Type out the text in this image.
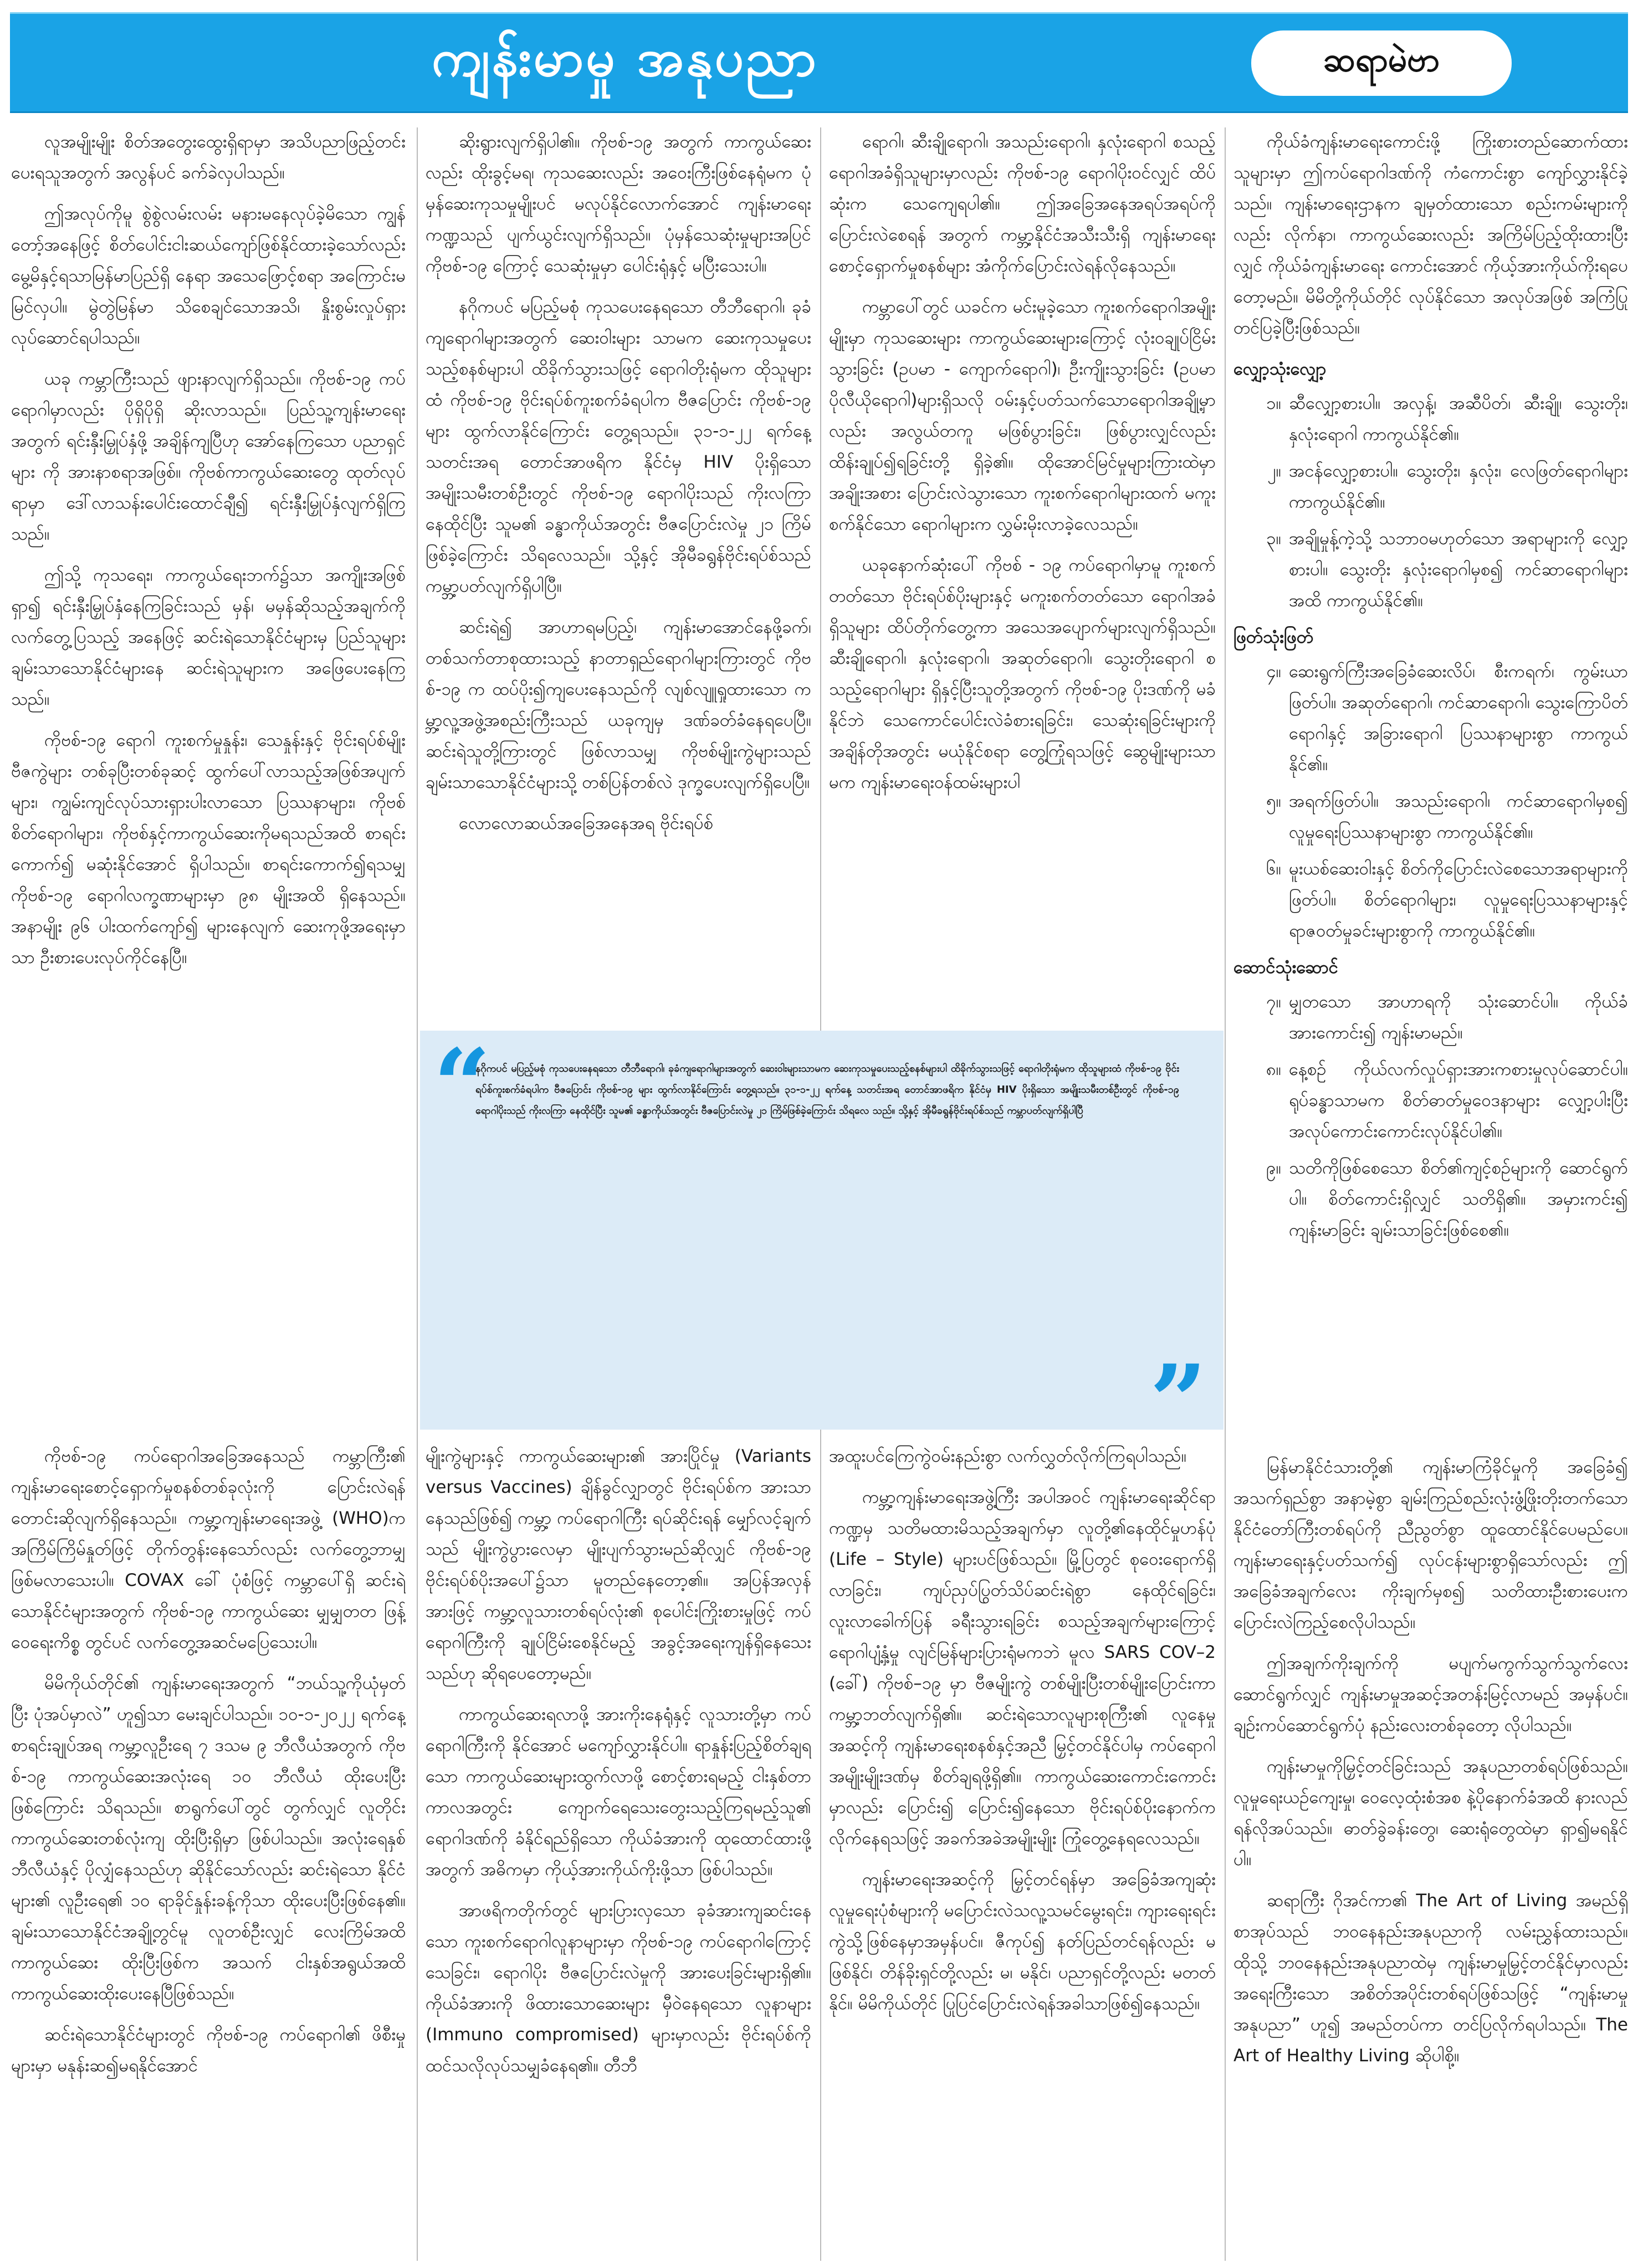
ကျန်းမာမှု အနုပညာ	ဆရာမဲဗာ

လူအမျိုးမျိုး စိတ်အတွေးထွေးရှိရာမှာ အသိပညာဖြည့်တင်းပေးရသူအတွက် အလွန်ပင် ခက်ခဲလှပါသည်။

ဤအလုပ်ကိုမူ စွဲစွဲလမ်းလမ်း မနားမနေလုပ်ခဲ့မိသော ကျွန်တော့်အနေဖြင့် စိတ်ပေါင်းငါးဆယ်ကျော်ဖြစ်နိုင်ထားခဲ့သော်လည်း မွေ့မိနှင့်ရသာမြန်မာပြည်ရှိ နေရာ အသေဖြောင့်စရာ အကြောင်းမမြင်လှပါ။ မွဲတွဲမြန်မာ သိစေချင်သောအသိ၊ နှိုးစွမ်းလှုပ်ရှားလုပ်ဆောင်ရပါသည်။

ယခု ကမ္ဘာကြီးသည် ဖျားနာလျက်ရှိသည်။ ကိုဗစ်-၁၉ ကပ်ရောဂါမှာလည်း ပိုရှိပိုရှိ ဆိုးလာသည်။ ပြည်သူ့ကျန်းမာရေးအတွက် ရင်းနှီးမြှုပ်နှံဖို့ အချိန်ကျပြီဟု အော်နေကြသော ပညာရှင်များ ကို အားနာစရာအဖြစ်။ ကိုဗစ်ကာကွယ်ဆေးတွေ ထုတ်လုပ်ရာမှာ ဒေါ်လာသန်းပေါင်းထောင်ချီ၍ ရင်းနှီးမြှုပ်နှံလျက်ရှိကြသည်။

ဤသို့ ကုသရေး၊ ကာကွယ်ရေးဘက်၌သာ အကျိုးအဖြစ်ရှာ၍ ရင်းနှီးမြှုပ်နှံနေကြခြင်းသည် မှန်၊ မမှန်ဆိုသည့်အချက်ကို လက်တွေ့ပြသည့် အနေဖြင့် ဆင်းရဲသောနိုင်ငံများမှ ပြည်သူများ ချမ်းသာသောနိုင်ငံများနေ ဆင်းရဲသူများက အဖြေပေးနေကြသည်။

ကိုဗစ်-၁၉ ရောဂါ ကူးစက်မှုနှုန်း၊ သေနှုန်းနှင့် ဗိုင်းရပ်စ်မျိုးဗီဇကွဲများ တစ်ခုပြီးတစ်ခုဆင့် ထွက်ပေါ်လာသည့်အဖြစ်အပျက်များ၊ ကျွမ်းကျင်လုပ်သားရှားပါးလာသော ပြဿနာများ၊ ကိုဗစ် စိတ်ရောဂါများ၊ ကိုဗစ်နှင့်ကာကွယ်ဆေးကိုမရသည်အထိ စာရင်းကောက်၍ မဆုံးနိုင်အောင် ရှိပါသည်။ စာရင်းကောက်၍ရသမျှ ကိုဗစ်-၁၉ ရောဂါလက္ခဏာများမှာ ၉၈ မျိုးအထိ ရှိနေသည်။ အနာမျိုး ၉၆ ပါးထက်ကျော်၍ များနေလျက် ဆေးကုဖို့အရေးမှာသာ ဦးစားပေးလုပ်ကိုင်နေပြီ။

ဆိုးရွားလျက်ရှိပါ၏။ ကိုဗစ်-၁၉ အတွက် ကာကွယ်ဆေးလည်း ထိုးခွင့်မရ၊ ကုသဆေးလည်း အဝေးကြီးဖြစ်နေရုံမက ပုံမှန်ဆေးကုသမှုမျိုးပင် မလုပ်နိုင်လောက်အောင် ကျန်းမာရေးကဏ္ဍသည် ပျက်ယွင်းလျက်ရှိသည်။ ပုံမှန်သေဆုံးမှုများအပြင် ကိုဗစ်-၁၉ ကြောင့် သေဆုံးမှုမှာ ပေါင်းရုံနှင့် မပြီးသေးပါ။

နဂိုကပင် မပြည့်မစုံ ကုသပေးနေရသော တီဘီရောဂါ၊ ခုခံကျရောဂါများအတွက် ဆေးဝါးများ သာမက ဆေးကုသမှုပေးသည့်စနစ်များပါ ထိခိုက်သွားသဖြင့် ရောဂါတိုးရုံမက ထိုသူများထံ ကိုဗစ်-၁၉ ဗိုင်းရပ်စ်ကူးစက်ခံရပါက ဗီဇပြောင်း ကိုဗစ်-၁၉ များ ထွက်လာနိုင်ကြောင်း တွေ့ရသည်။ ၃၁-၁-၂၂ ရက်နေ့ သတင်းအရ တောင်အာဖရိက နိုင်ငံမှ HIV ပိုးရှိသော အမျိုးသမီးတစ်ဦးတွင် ကိုဗစ်-၁၉ ရောဂါပိုးသည် ကိုးလကြာနေထိုင်ပြီး သူမ၏ ခန္ဓာကိုယ်အတွင်း ဗီဇပြောင်းလဲမှု ၂၁ ကြိမ်ဖြစ်ခဲ့ကြောင်း သိရလေသည်။ သို့နှင့် အိုမီခရွန်ဗိုင်းရပ်စ်သည် ကမ္ဘာ့ပတ်လျက်ရှိပါပြီ။

ဆင်းရဲ၍ အာဟာရမပြည့်၊ ကျန်းမာအောင်နေဖို့ခက်၊ တစ်သက်တာစုထားသည့် နာတာရှည်ရောဂါများကြားတွင် ကိုဗစ်-၁၉ က ထပ်ပိုး၍ကျပေးနေသည်ကို လျစ်လျူရှုထားသော ကမ္ဘာ့လူ့အဖွဲ့အစည်းကြီးသည် ယခုကျမှ ဒဏ်ခတ်ခံနေရပေပြီ။ ဆင်းရဲသူတို့ကြားတွင် ဖြစ်လာသမျှ ကိုဗစ်မျိုးကွဲများသည် ချမ်းသာသောနိုင်ငံများသို့ တစ်ပြန်တစ်လဲ ဒုက္ခပေးလျက်ရှိပေပြီ။

လောလောဆယ်အခြေအနေအရ ဗိုင်းရပ်စ်

ရောဂါ၊ ဆီးချိုရောဂါ၊ အသည်းရောဂါ၊ နှလုံးရောဂါ စသည့် ရောဂါအခံရှိသူများမှာလည်း ကိုဗစ်-၁၉ ရောဂါပိုးဝင်လျှင် ထိပ်ဆုံးက သေကျေရပါ၏။ ဤအခြေအနေအရပ်အရပ်ကို ပြောင်းလဲစေရန် အတွက် ကမ္ဘာ့နိုင်ငံအသီးသီးရှိ ကျန်းမာရေးစောင့်ရှောက်မှုစနစ်များ အံကိုက်ပြောင်းလဲရန်လိုနေသည်။

ကမ္ဘာပေါ်တွင် ယခင်က မင်းမူခဲ့သော ကူးစက်ရောဂါအမျိုးမျိုးမှာ ကုသဆေးများ ကာကွယ်ဆေးများကြောင့် လုံးဝချုပ်ငြိမ်းသွားခြင်း (ဥပမာ - ကျောက်ရောဂါ)၊ ဦးကျိုးသွားခြင်း (ဥပမာ ပိုလီယိုရောဂါ)များရှိသလို ဝမ်းနှင့်ပတ်သက်သောရောဂါအချို့မှာလည်း အလွယ်တကူ မဖြစ်ပွားခြင်း၊ ဖြစ်ပွားလျှင်လည်း ထိန်းချုပ်၍ရခြင်းတို့ ရှိခဲ့၏။ ထိုအောင်မြင်မှုများကြားထဲမှာ အချိုးအစား ပြောင်းလဲသွားသော ကူးစက်ရောဂါများထက် မကူးစက်နိုင်သော ရောဂါများက လွှမ်းမိုးလာခဲ့လေသည်။

ယခုနောက်ဆုံးပေါ် ကိုဗစ် - ၁၉ ကပ်ရောဂါမှာမူ ကူးစက်တတ်သော ဗိုင်းရပ်စ်ပိုးများနှင့် မကူးစက်တတ်သော ရောဂါအခံရှိသူများ ထိပ်တိုက်တွေ့ကာ အသေအပျောက်များလျက်ရှိသည်။ ဆီးချိုရောဂါ၊ နှလုံးရောဂါ၊ အဆုတ်ရောဂါ၊ သွေးတိုးရောဂါ စသည့်ရောဂါများ ရှိနှင့်ပြီးသူတို့အတွက် ကိုဗစ်-၁၉ ပိုးဒဏ်ကို မခံနိုင်ဘဲ သေကောင်ပေါင်းလဲခံစားရခြင်း၊ သေဆုံးရခြင်းများကို အချိန်တိုအတွင်း မယုံနိုင်စရာ တွေ့ကြုံရသဖြင့် ဆွေမျိုးများသာမက ကျန်းမာရေးဝန်ထမ်းများပါ

ကိုယ်ခံကျန်းမာရေးကောင်းဖို့ ကြိုးစားတည်ဆောက်ထားသူများမှာ ဤကပ်ရောဂါဒဏ်ကို ကံကောင်းစွာ ကျော်လွှားနိုင်ခဲ့သည်။ ကျန်းမာရေးဌာနက ချမှတ်ထားသော စည်းကမ်းများကိုလည်း လိုက်နာ၊ ကာကွယ်ဆေးလည်း အကြိမ်ပြည့်ထိုးထားပြီးလျှင် ကိုယ်ခံကျန်းမာရေး ကောင်းအောင် ကိုယ့်အားကိုယ်ကိုးရပေတော့မည်။ မိမိတို့ကိုယ်တိုင် လုပ်နိုင်သော အလုပ်အဖြစ် အကြံပြုတင်ပြခဲ့ပြီးဖြစ်သည်။

လျှော့သုံးလျှော့
၁။ ဆီလျှော့စားပါ။ အလှန့်၊ အဆီပိတ်၊ ဆီးချို၊ သွေးတိုး၊ နှလုံးရောဂါ ကာကွယ်နိုင်၏။
၂။ အငန်လျှော့စားပါ။ သွေးတိုး၊ နှလုံး၊ လေဖြတ်ရောဂါများ ကာကွယ်နိုင်၏။
၃။ အချိုမှုန့်ကဲ့သို့ သဘာဝမဟုတ်သော အရာများကို လျှော့စားပါ။ သွေးတိုး နှလုံးရောဂါမှစ၍ ကင်ဆာရောဂါများအထိ ကာကွယ်နိုင်၏။
ဖြတ်သုံးဖြတ်
၄။ ဆေးရွက်ကြီးအခြေခံဆေးလိပ်၊ စီးကရက်၊ ကွမ်းယာဖြတ်ပါ။ အဆုတ်ရောဂါ၊ ကင်ဆာရောဂါ၊ သွေးကြောပိတ်ရောဂါနှင့် အခြားရောဂါ ပြဿနာများစွာ ကာကွယ်နိုင်၏။
၅။ အရက်ဖြတ်ပါ။ အသည်းရောဂါ၊ ကင်ဆာရောဂါမှစ၍ လူမှုရေးပြဿနာများစွာ ကာကွယ်နိုင်၏။
၆။ မူးယစ်ဆေးဝါးနှင့် စိတ်ကိုပြောင်းလဲစေသောအရာများကို ဖြတ်ပါ။ စိတ်ရောဂါများ၊ လူမှုရေးပြဿနာများနှင့် ရာဇဝတ်မှုခင်းများစွာကို ကာကွယ်နိုင်၏။
ဆောင်သုံးဆောင်
၇။ မျှတသော အာဟာရကို သုံးဆောင်ပါ။ ကိုယ်ခံအားကောင်း၍ ကျန်းမာမည်။
၈။ နေ့စဉ် ကိုယ်လက်လှုပ်ရှားအားကစားမှုလုပ်ဆောင်ပါ။ ရုပ်ခန္ဓာသာမက စိတ်ဓာတ်မှုဝေဒနာများ လျှော့ပါးပြီး အလုပ်ကောင်းကောင်းလုပ်နိုင်ပါ၏။
၉။ သတိကိုဖြစ်စေသော စိတ်၏ကျင့်စဉ်များကို ဆောင်ရွက်ပါ။ စိတ်ကောင်းရှိလျှင် သတိရှိ၏။ အမှားကင်း၍ ကျန်းမာခြင်း ချမ်းသာခြင်းဖြစ်စေ၏။
“
နဂိုကပင် မပြည့်မစုံ ကုသပေးနေရသော တီဘီရောဂါ၊ ခုခံကျရောဂါများအတွက် ဆေးဝါးများသာမက ဆေးကုသမှုပေးသည့်စနစ်များပါ ထိခိုက်သွားသဖြင့် ရောဂါတိုးရုံမက ထိုသူများထံ ကိုဗစ်-၁၉ ဗိုင်းရပ်စ်ကူးစက်ခံရပါက ဗီဇပြောင်း ကိုဗစ်-၁၉ များ ထွက်လာနိုင်ကြောင်း တွေ့ရသည်။ ၃၁-၁-၂၂ ရက်နေ့ သတင်းအရ တောင်အာဖရိက နိုင်ငံမှ HIV ပိုးရှိသော အမျိုးသမီးတစ်ဦးတွင် ကိုဗစ်-၁၉ ရောဂါပိုးသည် ကိုးလကြာ နေထိုင်ပြီး သူမ၏ ခန္ဓာကိုယ်အတွင်း ဗီဇပြောင်းလဲမှု ၂၁ ကြိမ်ဖြစ်ခဲ့ကြောင်း သိရလေ သည်။ သို့နှင့် အိုမီခရွန်ဗိုင်းရပ်စ်သည် ကမ္ဘာပတ်လျက်ရှိပါပြီ
”

ကိုဗစ်-၁၉ ကပ်ရောဂါအခြေအနေသည် ကမ္ဘာကြီး၏ ကျန်းမာရေးစောင့်ရှောက်မှုစနစ်တစ်ခုလုံးကို ပြောင်းလဲရန် တောင်းဆိုလျက်ရှိနေသည်။ ကမ္ဘာ့ကျန်းမာရေးအဖွဲ့ (WHO)က အကြိမ်ကြိမ်နှုတ်ဖြင့် တိုက်တွန်းနေသော်လည်း လက်တွေ့ဘာမျှဖြစ်မလာသေးပါ။ COVAX ခေါ် ပုံစံဖြင့် ကမ္ဘာပေါ်ရှိ ဆင်းရဲသောနိုင်ငံများအတွက် ကိုဗစ်-၁၉ ကာကွယ်ဆေး မျှမျှတတ ဖြန့်ဝေရေးကိစ္စ တွင်ပင် လက်တွေ့အဆင်မပြေသေးပါ။

မိမိကိုယ်တိုင်၏ ကျန်းမာရေးအတွက် “ဘယ်သူ့ကိုယုံမှတ်ပြီး ပုံအပ်မှာလဲ” ဟူ၍သာ မေးချင်ပါသည်။ ၁၀-၁-၂၀၂၂ ရက်နေ့ စာရင်းချုပ်အရ ကမ္ဘာ့လူဦးရေ ၇ ဒသမ ၉ ဘီလီယံအတွက် ကိုဗစ်-၁၉ ကာကွယ်ဆေးအလုံးရေ ၁၀ ဘီလီယံ ထိုးပေးပြီးဖြစ်ကြောင်း သိရသည်။ စာရွက်ပေါ်တွင် တွက်လျှင် လူတိုင်းကာကွယ်ဆေးတစ်လုံးကျ ထိုးပြီးရှိမှာ ဖြစ်ပါသည်။ အလုံးရေနှစ်ဘီလီယံနှင့် ပိုလျှံနေသည်ဟု ဆိုနိုင်သော်လည်း ဆင်းရဲသော နိုင်ငံများ၏ လူဦးရေ၏ ၁၀ ရာခိုင်နှုန်းခန့်ကိုသာ ထိုးပေးပြီးဖြစ်နေ၏။ ချမ်းသာသောနိုင်ငံအချို့တွင်မူ လူတစ်ဦးလျှင် လေးကြိမ်အထိ ကာကွယ်ဆေး ထိုးပြီးဖြစ်က အသက် ငါးနှစ်အရွယ်အထိ ကာကွယ်ဆေးထိုးပေးနေပြီဖြစ်သည်။

ဆင်းရဲသောနိုင်ငံများတွင် ကိုဗစ်-၁၉ ကပ်ရောဂါ၏ ဖိစီးမှုများမှာ မနုန်းဆ၍မရနိုင်အောင်

မျိုးကွဲများနှင့် ကာကွယ်ဆေးများ၏ အားပြိုင်မှု (Variants versus Vaccines) ချိန်ခွင်လျှာတွင် ဗိုင်းရပ်စ်က အားသာနေသည်ဖြစ်၍ ကမ္ဘာ့ ကပ်ရောဂါကြီး ရပ်ဆိုင်းရန် မျှော်လင့်ချက်သည် မျိုးကွဲပွားလေမှာ မျိုးပျက်သွားမည်ဆိုလျှင် ကိုဗစ်-၁၉ ဗိုင်းရပ်စ်ပိုးအပေါ်၌သာ မူတည်နေတော့၏။ အပြန်အလှန်အားဖြင့် ကမ္ဘာ့လူသားတစ်ရပ်လုံး၏ စုပေါင်းကြိုးစားမှုဖြင့် ကပ်ရောဂါကြီးကို ချုပ်ငြိမ်းစေနိုင်မည့် အခွင့်အရေးကျန်ရှိနေသေးသည်ဟု ဆိုရပေတော့မည်။

ကာကွယ်ဆေးရလာဖို့ အားကိုးနေရုံနှင့် လူသားတို့မှာ ကပ်ရောဂါကြီးကို နိုင်အောင် မကျော်လွှားနိုင်ပါ။ ရာနှုန်းပြည့်စိတ်ချရသော ကာကွယ်ဆေးများထွက်လာဖို့ စောင့်စားရမည့် ငါးနှစ်တာကာလအတွင်း ကျောက်ရေသေးတွေးသည့်ကြရမည့်သူ၏ ရောဂါဒဏ်ကို ခံနိုင်ရည်ရှိသော ကိုယ်ခံအားကို ထုထောင်ထားဖို့အတွက် အဓိကမှာ ကိုယ့်အားကိုယ်ကိုးဖို့သာ ဖြစ်ပါသည်။

အာဖရိကတိုက်တွင် များပြားလှသော ခုခံအားကျဆင်းနေသော ကူးစက်ရောဂါလူနာများမှာ ကိုဗစ်-၁၉ ကပ်ရောဂါကြောင့် သေခြင်း၊ ရောဂါပိုး ဗီဇပြောင်းလဲမှုကို အားပေးခြင်းများရှိ၏။ ကိုယ်ခံအားကို ဖိထားသောဆေးများ မှီဝဲနေရသော လူနာများ (Immuno compromised) များမှာလည်း ဗိုင်းရပ်စ်ကို ထင်သလိုလုပ်သမျှခံနေရ၏။ တီဘီ

အထူးပင်ကြေကွဲဝမ်းနည်းစွာ လက်လွှတ်လိုက်ကြရပါသည်။

ကမ္ဘာ့ကျန်းမာရေးအဖွဲ့ကြီး အပါအဝင် ကျန်းမာရေးဆိုင်ရာကဏ္ဍမှ သတိမထားမိသည့်အချက်မှာ လူတို့၏နေထိုင်မှုဟန်ပုံ (Life – Style) များပင်ဖြစ်သည်။ မြို့ပြတွင် စုဝေးရောက်ရှိလာခြင်း၊ ကျပ်ညှပ်ပြွတ်သိပ်ဆင်းရဲစွာ နေထိုင်ရခြင်း၊ လူးလာခေါက်ပြန် ခရီးသွားရခြင်း စသည့်အချက်များကြောင့် ရောဂါပျံ့နှံ့မှု လျင်မြန်များပြားရုံမကဘဲ မူလ SARS COV–2 (ခေါ်) ကိုဗစ်–၁၉ မှာ ဗီဇမျိုးကွဲ တစ်မျိုးပြီးတစ်မျိုးပြောင်းကာ ကမ္ဘာ့ဘတ်လျက်ရှိ၏။ ဆင်းရဲသောလူများစုကြီး၏ လူနေမှုအဆင့်ကို ကျန်းမာရေးစနစ်နှင့်အညီ မြှင့်တင်နိုင်ပါမှ ကပ်ရောဂါအမျိုးမျိုးဒဏ်မှ စိတ်ချရဖို့ရှိ၏။ ကာကွယ်ဆေးကောင်းကောင်းမှာလည်း ပြောင်း၍ ပြောင်း၍နေသော ဗိုင်းရပ်စ်ပိုးနောက်က လိုက်နေရသဖြင့် အခက်အခဲအမျိုးမျိုး ကြုံတွေ့နေရလေသည်။

ကျန်းမာရေးအဆင့်ကို မြှင့်တင်ရန်မှာ အခြေခံအကျဆုံး လူမှုရေးပုံစံများကို မပြောင်းလဲသလူ့သမင်မွေးရင်း၊ ကျားရေးရင်းကွဲသို့ဖြစ်နေမှာအမှန်ပင်။ ဇီကုပ်၍ နတ်ပြည်တင်ရန်လည်း မဖြစ်နိုင်၊ တိန်ခိုးရှင်တို့လည်း မ၊ မနိုင်၊ ပညာရှင်တို့လည်း မတတ်နိုင်။ မိမိကိုယ်တိုင် ပြုပြင်ပြောင်းလဲရန်အခါသာဖြစ်၍နေသည်။

မြန်မာနိုင်ငံသားတို့၏ ကျန်းမာကြံခိုင်မှုကို အခြေခံ၍ အသက်ရှည်စွာ အနာမဲ့စွာ ချမ်းကြည်စည်းလုံးဖွံ့ဖြိုးတိုးတက်သော နိုင်ငံတော်ကြီးတစ်ရပ်ကို ညီညွတ်စွာ ထူထောင်နိုင်ပေမည်ပေ။ ကျန်းမာရေးနှင့်ပတ်သက်၍ လုပ်ငန်းများစွာရှိသော်လည်း ဤအခြေခံအချက်လေး ကိုးချက်မှစ၍ သတိထားဦးစားပေးက ပြောင်းလဲကြည့်စေလိုပါသည်။

ဤအချက်ကိုးချက်ကို မပျက်မကွက်သွက်သွက်လေး ဆောင်ရွက်လျှင် ကျန်းမာမှုအဆင့်အတန်းမြင့်လာမည် အမှန်ပင်။ ချဉ်းကပ်ဆောင်ရွက်ပုံ နည်းလေးတစ်ခုတော့ လိုပါသည်။

ကျန်းမာမှုကိုမြှင့်တင်ခြင်းသည် အနုပညာတစ်ရပ်ဖြစ်သည်။ လူမှုရေးယဉ်ကျေးမှု၊ ဝေလေ့ထုံးစံအစ နဲ့ပိုနောက်ခံအထိ နားလည်ရန်လိုအပ်သည်။ ဓာတ်ခွဲခန်းတွေ၊ ဆေးရုံတွေထဲမှာ ရှာ၍မရနိုင်ပါ။

ဆရာကြီး ဂိုအင်ကာ၏ The Art of Living အမည်ရှိ စာအုပ်သည် ဘဝနေနည်းအနုပညာကို လမ်းညွှန်ထားသည်။ ထိုသို့ ဘဝနေနည်းအနုပညာထဲမှ ကျန်းမာမှုမြှင့်တင်နိုင်မှာလည်း အရေးကြီးသော အစိတ်အပိုင်းတစ်ရပ်ဖြစ်သဖြင့် “ကျန်းမာမှုအနုပညာ” ဟူ၍ အမည်တပ်ကာ တင်ပြလိုက်ရပါသည်။ The Art of Healthy Living ဆိုပါစို့။
